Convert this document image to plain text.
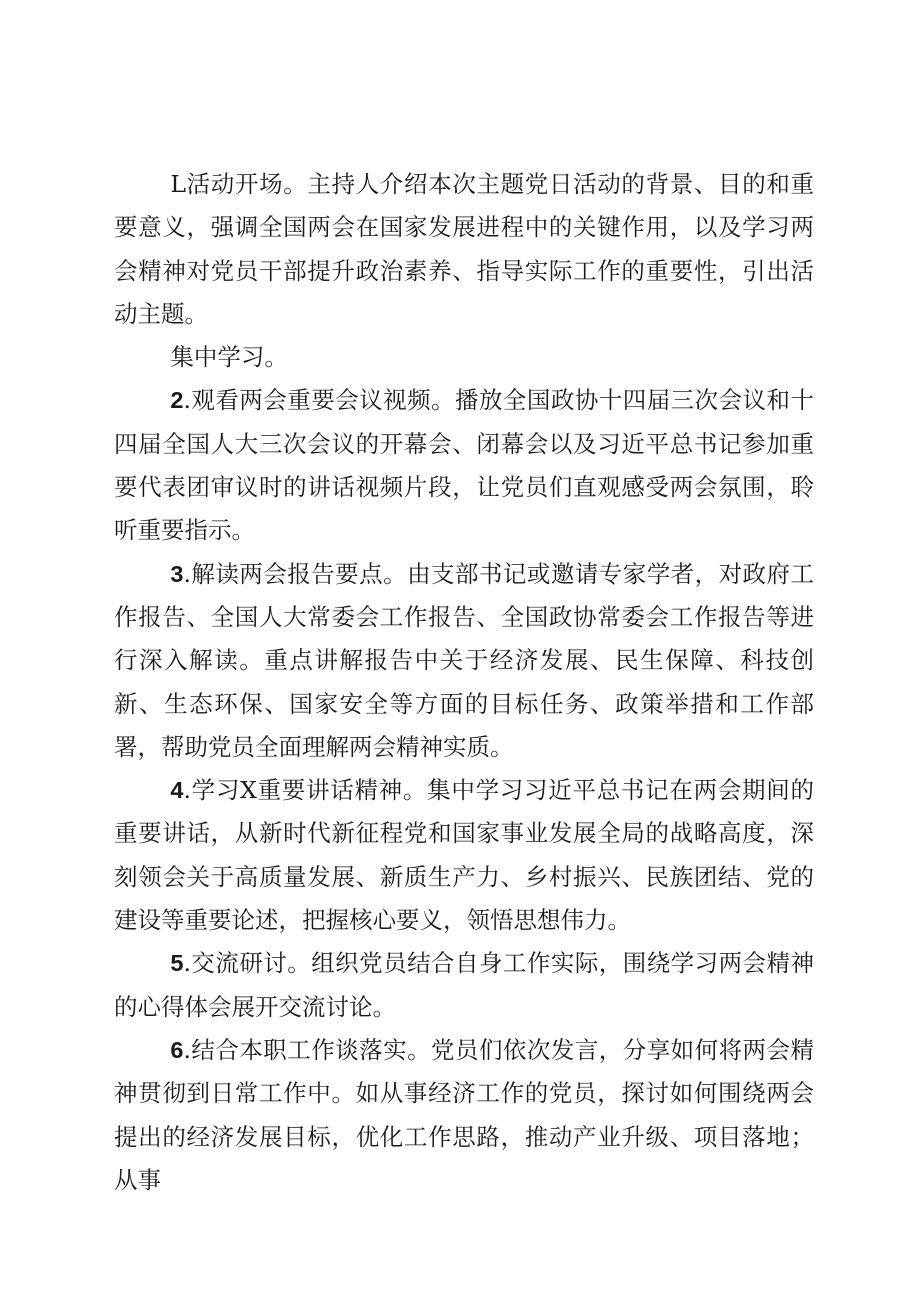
L活动开场。主持人介绍本次主题党日活动的背景、目的和重要意义，强调全国两会在国家发展进程中的关键作用，以及学习两会精神对党员干部提升政治素养、指导实际工作的重要性，引出活动主题。

集中学习。

2.观看两会重要会议视频。播放全国政协十四届三次会议和十四届全国人大三次会议的开幕会、闭幕会以及习近平总书记参加重要代表团审议时的讲话视频片段，让党员们直观感受两会氛围，聆听重要指示。

3.解读两会报告要点。由支部书记或邀请专家学者，对政府工作报告、全国人大常委会工作报告、全国政协常委会工作报告等进行深入解读。重点讲解报告中关于经济发展、民生保障、科技创新、生态环保、国家安全等方面的目标任务、政策举措和工作部署，帮助党员全面理解两会精神实质。

4.学习X重要讲话精神。集中学习习近平总书记在两会期间的重要讲话，从新时代新征程党和国家事业发展全局的战略高度，深刻领会关于高质量发展、新质生产力、乡村振兴、民族团结、党的建设等重要论述，把握核心要义，领悟思想伟力。

5.交流研讨。组织党员结合自身工作实际，围绕学习两会精神的心得体会展开交流讨论。

6.结合本职工作谈落实。党员们依次发言，分享如何将两会精神贯彻到日常工作中。如从事经济工作的党员，探讨如何围绕两会提出的经济发展目标，优化工作思路，推动产业升级、项目落地；从事
